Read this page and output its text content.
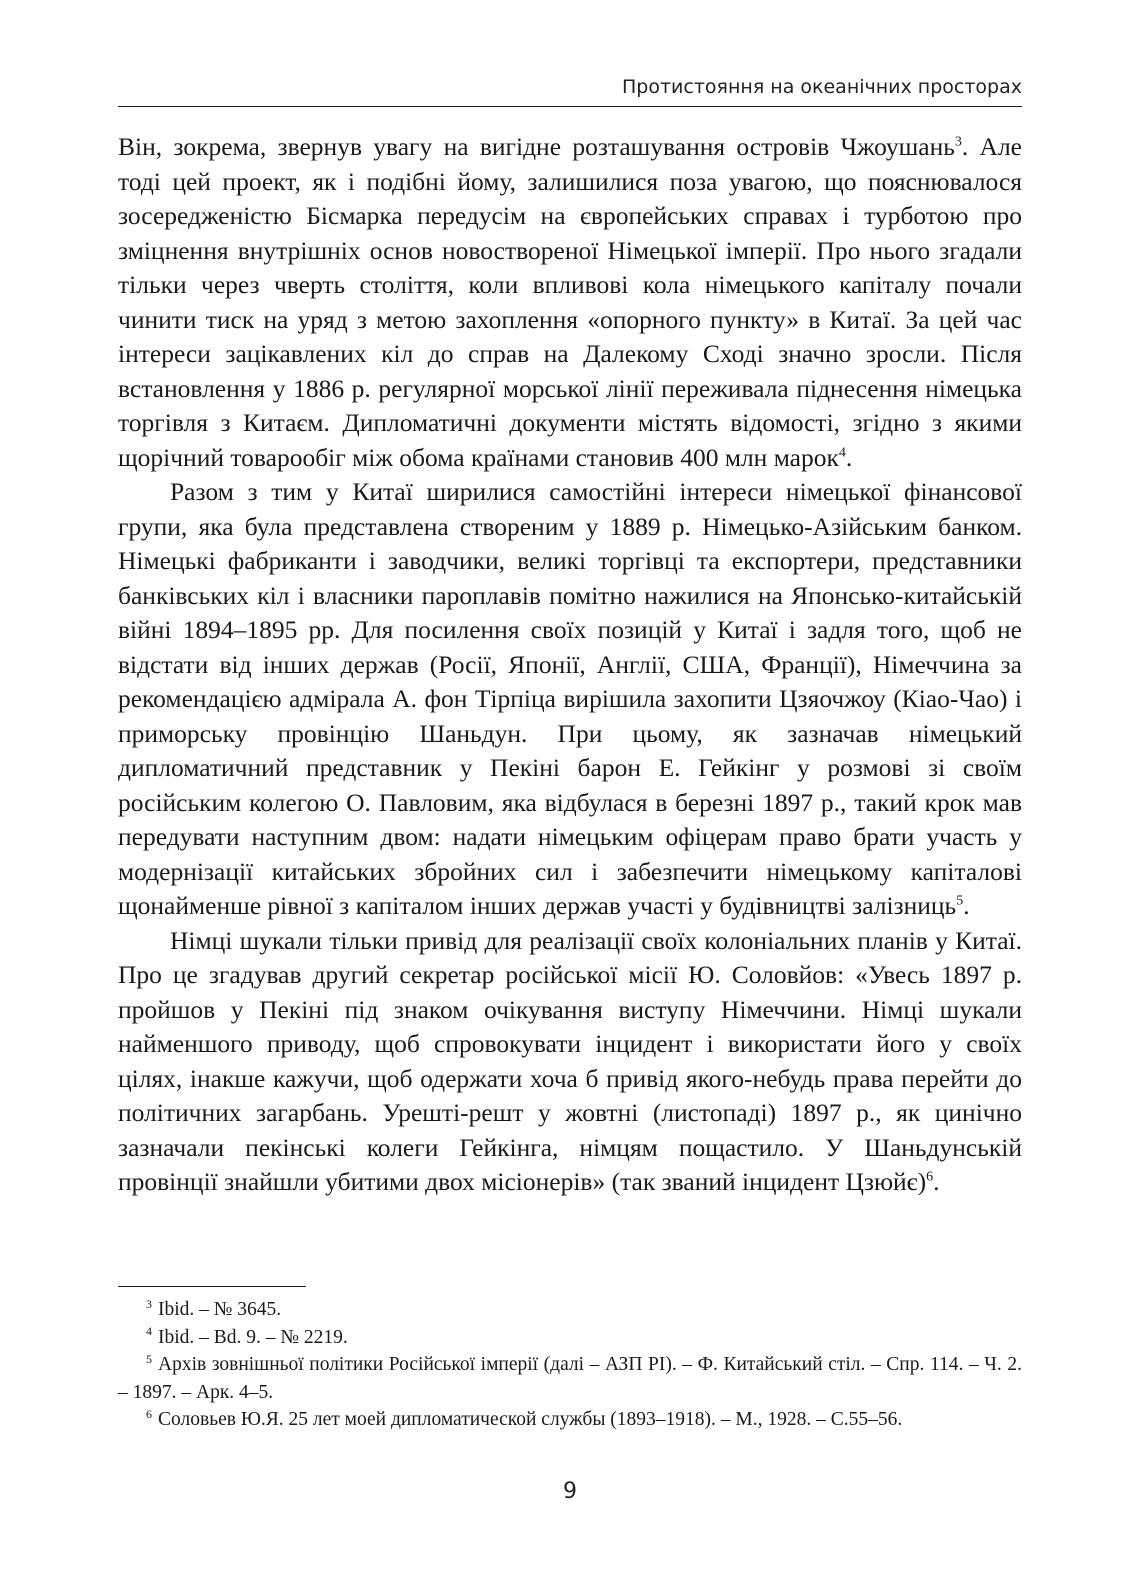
Протистояння на океанічних просторах

Він, зокрема, звернув увагу на вигідне розташування островів Чжоушань$^3$. Але тоді цей проект, як і подібні йому, залишилися поза увагою, що пояснювалося зосередженістю Бісмарка передусім на європейських справах і турботою про зміцнення внутрішніх основ новоствореної Німецької імперії. Про нього згадали тільки через чверть століття, коли впливові кола німецького капіталу почали чинити тиск на уряд з метою захоплення «опорного пункту» в Китаї. За цей час інтереси зацікавлених кіл до справ на Далекому Сході значно зросли. Після встановлення у 1886 р. регулярної морської лінії переживала піднесення німецька торгівля з Китаєм. Дипломатичні документи містять відомості, згідно з якими щорічний товарообіг між обома країнами становив 400 млн марок$^4$.

Разом з тим у Китаї ширилися самостійні інтереси німецької фінансової групи, яка була представлена створеним у 1889 р. Німецько-Азійським банком. Німецькі фабриканти і заводчики, великі торгівці та експортери, представники банківських кіл і власники пароплавів помітно нажилися на Японсько-китайській війні 1894–1895 рр. Для посилення своїх позицій у Китаї і задля того, щоб не відстати від інших держав (Росії, Японії, Англії, США, Франції), Німеччина за рекомендацією адмірала А. фон Тірпіца вирішила захопити Цзяочжоу (Кіао-Чао) і приморську провінцію Шаньдун. При цьому, як зазначав німецький дипломатичний представник у Пекіні барон Е. Гейкінг у розмові зі своїм російським колегою О. Павловим, яка відбулася в березні 1897 р., такий крок мав передувати наступним двом: надати німецьким офіцерам право брати участь у модернізації китайських збройних сил і забезпечити німецькому капіталові щонайменше рівної з капіталом інших держав участі у будівництві залізниць$^5$.

Німці шукали тільки привід для реалізації своїх колоніальних планів у Китаї. Про це згадував другий секретар російської місії Ю. Соловйов: «Увесь 1897 р. пройшов у Пекіні під знаком очікування виступу Німеччини. Німці шукали найменшого приводу, щоб спровокувати інцидент і використати його у своїх цілях, інакше кажучи, щоб одержати хоча б привід якого-небудь права перейти до політичних загарбань. Урешті-решт у жовтні (листопаді) 1897 р., як цинічно зазначали пекінські колеги Гейкінга, німцям пощастило. У Шаньдунській провінції знайшли убитими двох місіонерів» (так званий інцидент Цзюйє)$^6$.

$^3$ Ibid. – № 3645.

$^4$ Ibid. – Bd. 9. – № 2219.

$^5$ Архів зовнішньої політики Російської імперії (далі – АЗП РІ). – Ф. Китайський стіл. – Спр. 114. – Ч. 2. – 1897. – Арк. 4–5.

$^6$ Соловьев Ю.Я. 25 лет моей дипломатической службы (1893–1918). – М., 1928. – С.55–56.

9
